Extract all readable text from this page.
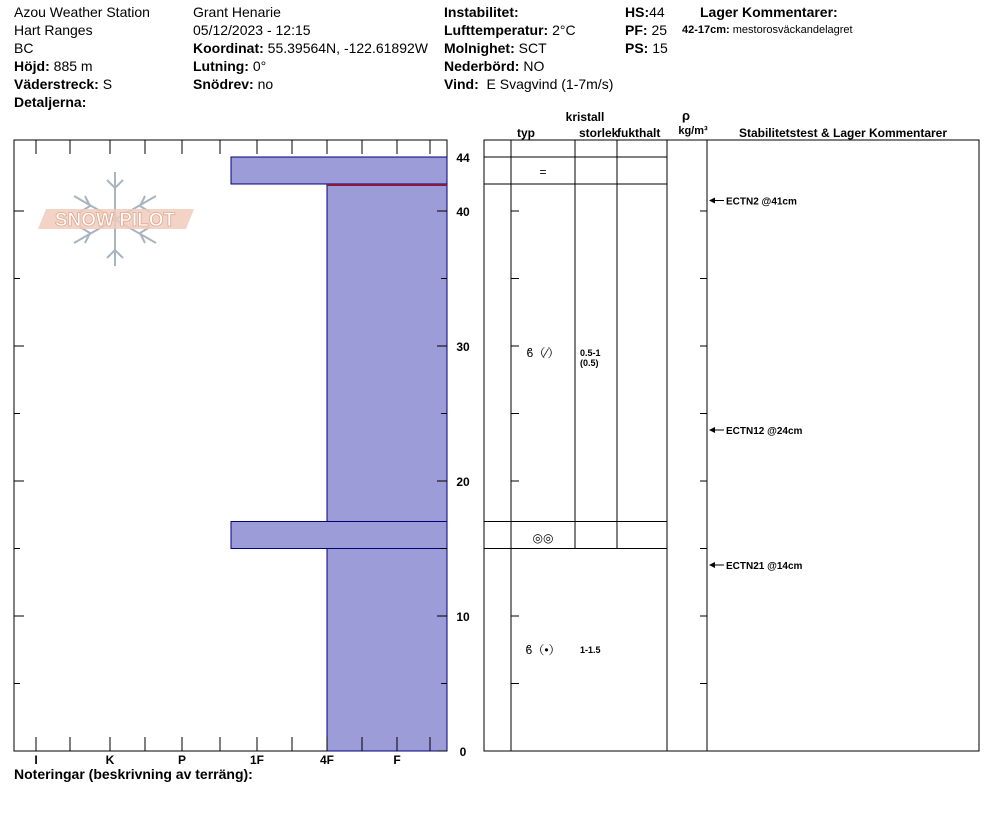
Azou Weather Station
Hart Ranges
BC
Höjd: 885 m
Väderstreck: S
Detaljerna:
Grant Henarie
05/12/2023 - 12:15
Koordinat: 55.39564N, -122.61892W
Lutning: 0°
Snödrev: no
Instabilitet:
Lufttemperatur: 2°C
Molnighet: SCT
Nederbörd: NO
Vind: E Svagvind (1-7m/s)
HS:44
PF: 25
PS: 15
Lager Kommentarer:
42-17cm: mestorosväckandelagret
SNOW PILOT
I	K	P	1F	4F	F
0
10
20
30
40
44
kristall
typ	storlek
fukthalt
ρ
kg/m³	Stabilitetstest & Lager Kommentarer
=
ϐ（⁄） 0.5-1
(0.5)
◎◎
ϐ（•） 1-1.5
ECTN2 @41cm
ECTN12 @24cm
ECTN21 @14cm
Noteringar (beskrivning av terräng):
